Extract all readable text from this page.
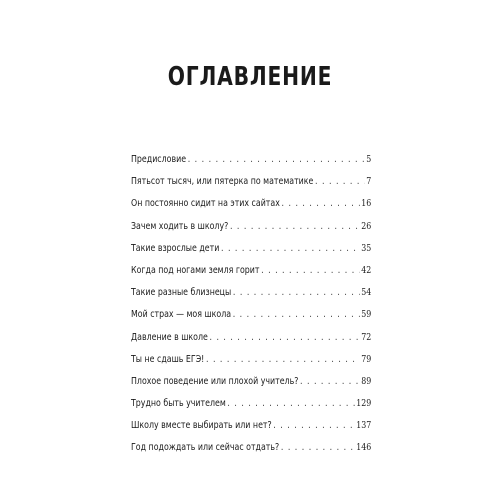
ОГЛАВЛЕНИЕ
Предисловие . . .	5
Пятьсот тысяч, или пятерка по математике . . .	7
Он постоянно сидит на этих сайтах . . .	16
Зачем ходить в школу? . . .	26
Такие взрослые дети . . .	35
Когда под ногами земля горит . . .	42
Такие разные близнецы . . .	54
Мой страх — моя школа . . .	59
Давление в школе . . .	72
Ты не сдашь ЕГЭ! . . .	79
Плохое поведение или плохой учитель? . . .	89
Трудно быть учителем . . .	129
Школу вместе выбирать или нет? . . .	137
Год подождать или сейчас отдать? . . .	146
